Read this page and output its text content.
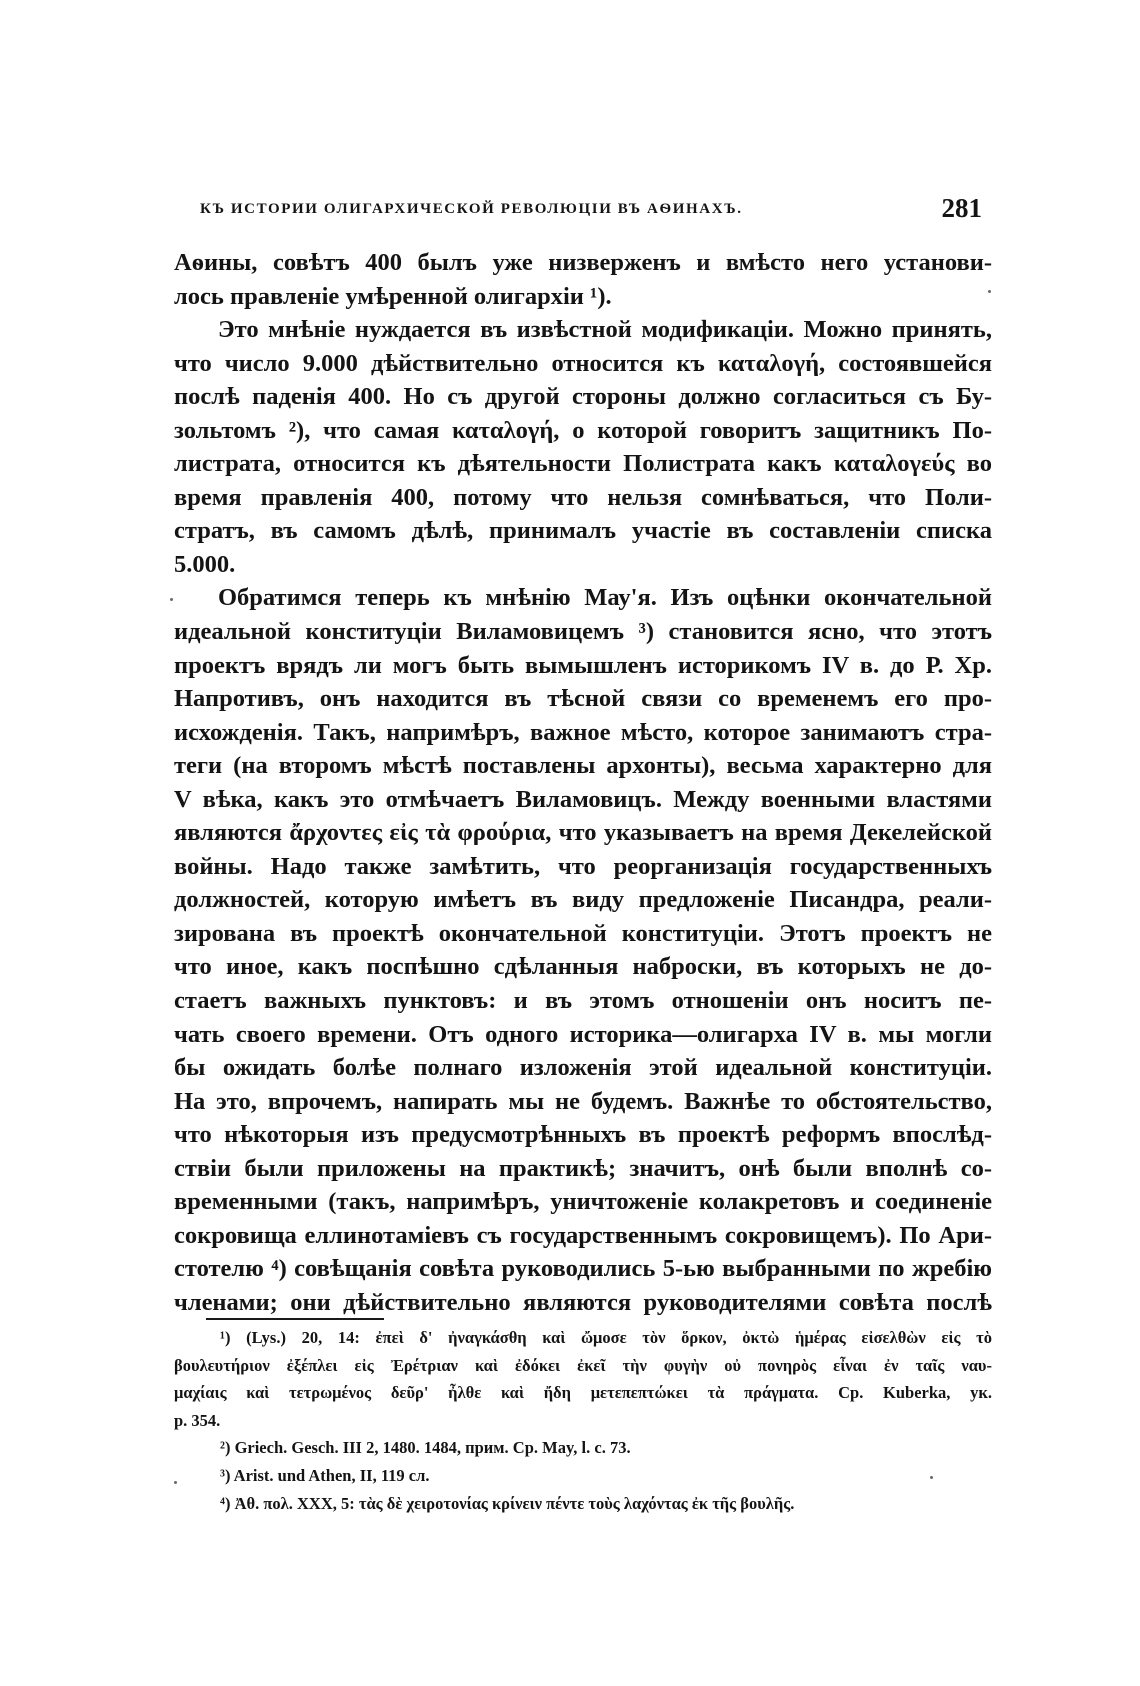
КЪ ИСТОРИИ ОЛИГАРХИЧЕСКОЙ РЕВОЛЮЦІИ ВЪ АѲИНАХЪ.	281
Аѳины, совѣтъ 400 былъ уже низверженъ и вмѣсто него установи-
лось правленіе умѣренной олигархіи ¹).
Это мнѣніе нуждается въ извѣстной модификаціи. Можно принять,
что число 9.000 дѣйствительно относится къ καταλογή, состоявшейся
послѣ паденія 400. Но съ другой стороны должно согласиться съ Бу-
зольтомъ ²), что самая καταλογή, о которой говоритъ защитникъ По-
листрата, относится къ дѣятельности Полистрата какъ καταλογεύς во
время правленія 400, потому что нельзя сомнѣваться, что Поли-
стратъ, въ самомъ дѣлѣ, принималъ участіе въ составленіи списка
5.000.
Обратимся теперь къ мнѣнію Мау'я. Изъ оцѣнки окончательной
идеальной конституціи Виламовицемъ ³) становится ясно, что этотъ
проектъ врядъ ли могъ быть вымышленъ историкомъ IV в. до Р. Хр.
Напротивъ, онъ находится въ тѣсной связи со временемъ его про-
исхожденія. Такъ, напримѣръ, важное мѣсто, которое занимаютъ стра-
теги (на второмъ мѣстѣ поставлены архонты), весьма характерно для
V вѣка, какъ это отмѣчаетъ Виламовицъ. Между военными властями
являются ἄρχοντες εἰς τὰ φρούρια, что указываетъ на время Декелейской
войны. Надо также замѣтить, что реорганизація государственныхъ
должностей, которую имѣетъ въ виду предложеніе Писандра, реали-
зирована въ проектѣ окончательной конституціи. Этотъ проектъ не
что иное, какъ поспѣшно сдѣланныя наброски, въ которыхъ не до-
стаетъ важныхъ пунктовъ: и въ этомъ отношеніи онъ носитъ пе-
чать своего времени. Отъ одного историка—олигарха IV в. мы могли
бы ожидать болѣе полнаго изложенія этой идеальной конституціи.
На это, впрочемъ, напирать мы не будемъ. Важнѣе то обстоятельство,
что нѣкоторыя изъ предусмотрѣнныхъ въ проектѣ реформъ впослѣд-
ствіи были приложены на практикѣ; значитъ, онѣ были вполнѣ со-
временными (такъ, напримѣръ, уничтоженіе колакретовъ и соединеніе
сокровища еллинотаміевъ съ государственнымъ сокровищемъ). По Ари-
стотелю ⁴) совѣщанія совѣта руководились 5-ью выбранными по жребію
членами; они дѣйствительно являются руководителями совѣта послѣ
¹) (Lys.) 20, 14: ἐπεὶ δ' ἠναγκάσθη καὶ ὤμοσε τὸν ὅρκον, ὀκτὼ ἡμέρας εἰσελθὼν εἰς τὸ
βουλευτήριον ἐξέπλει εἰς Ἐρέτριαν καὶ ἐδόκει ἐκεῖ τὴν φυγὴν οὐ πονηρὸς εἶναι ἐν ταῖς ναυ-
μαχίαις καὶ τετρωμένος δεῦρ' ἦλθε καὶ ἤδη μετεπεπτώκει τὰ πράγματα. Ср. Kuberka, ук.
р. 354.
²) Griech. Gesch. III 2, 1480. 1484, прим. Ср. May, l. c. 73.
³) Arist. und Athen, II, 119 сл.
⁴) Ἀθ. πολ. XXX, 5: τὰς δὲ χειροτονίας κρίνειν πέντε τοὺς λαχόντας ἐκ τῆς βουλῆς.
